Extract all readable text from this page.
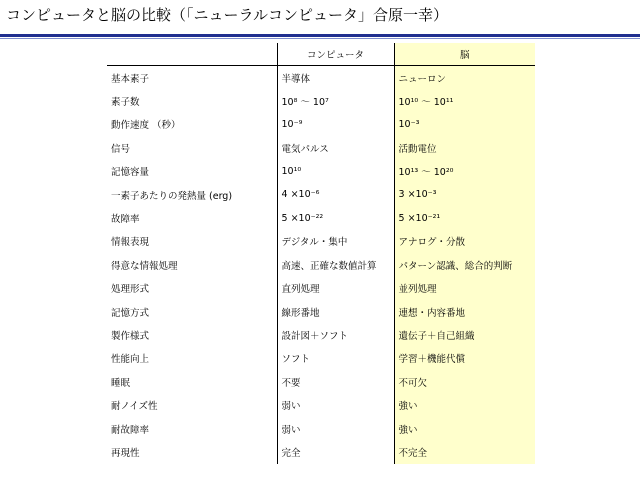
コンピュータと脳の比較（「ニューラルコンピュータ」合原一幸）
	コンピュータ	脳
基本素子	半導体	ニューロン
素子数	10⁸ ～ 10⁷	10¹⁰ ～ 10¹¹
動作速度 （秒）	10⁻⁹	10⁻³
信号	電気パルス	活動電位
記憶容量	10¹⁰	10¹³ ～ 10²⁰
一素子あたりの発熱量 (erg)	4 ×10⁻⁶	3 ×10⁻³
故障率	5 ×10⁻²²	5 ×10⁻²¹
情報表現	デジタル・集中	アナログ・分散
得意な情報処理	高速、正確な数値計算	パターン認識、総合的判断
処理形式	直列処理	並列処理
記憶方式	線形番地	連想・内容番地
製作様式	設計図＋ソフト	遺伝子＋自己組織
性能向上	ソフト	学習＋機能代償
睡眠	不要	不可欠
耐ノイズ性	弱い	強い
耐故障率	弱い	強い
再現性	完全	不完全
